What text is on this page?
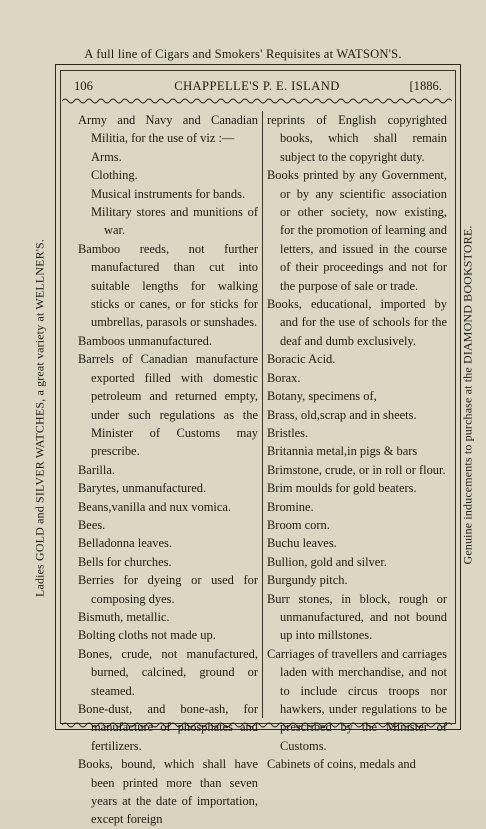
A full line of Cigars and Smokers' Requisites at WATSON'S.
Ladies GOLD and SILVER WATCHES, a great variety at WELLNER'S.	Genuine inducements to purchase at the DIAMOND BOOKSTORE.
106	CHAPPELLE'S P. E. ISLAND	[1886.
Army and Navy and Canadian Militia, for the use of viz :—
Arms.
Clothing.
Musical instruments for bands.
Military stores and munitions of war.
Bamboo reeds, not further manufactured than cut into suitable lengths for walking sticks or canes, or for sticks for umbrellas, parasols or sunshades.
Bamboos unmanufactured.
Barrels of Canadian manufacture exported filled with domestic petroleum and returned empty, under such regulations as the Minister of Customs may prescribe.
Barilla.
Barytes, unmanufactured.
Beans,vanilla and nux vomica.
Bees.
Belladonna leaves.
Bells for churches.
Berries for dyeing or used for composing dyes.
Bismuth, metallic.
Bolting cloths not made up.
Bones, crude, not manufactured, burned, calcined, ground or steamed.
Bone-dust, and bone-ash, for manufacture of phosphates and fertilizers.
Books, bound, which shall have been printed more than seven years at the date of importation, except foreign
reprints of English copyrighted books, which shall remain subject to the copyright duty.
Books printed by any Government, or by any scientific association or other society, now existing, for the promotion of learning and letters, and issued in the course of their proceedings and not for the purpose of sale or trade.
Books, educational, imported by and for the use of schools for the deaf and dumb exclusively.
Boracic Acid.
Borax.
Botany, specimens of,
Brass, old,scrap and in sheets.
Bristles.
Britannia metal,in pigs & bars
Brimstone, crude, or in roll or flour.
Brim moulds for gold beaters.
Bromine.
Broom corn.
Buchu leaves.
Bullion, gold and silver.
Burgundy pitch.
Burr stones, in block, rough or unmanufactured, and not bound up into millstones.
Carriages of travellers and carriages laden with merchandise, and not to include circus troops nor hawkers, under regulations to be prescribed by the Minister of Customs.
Cabinets of coins, medals and
